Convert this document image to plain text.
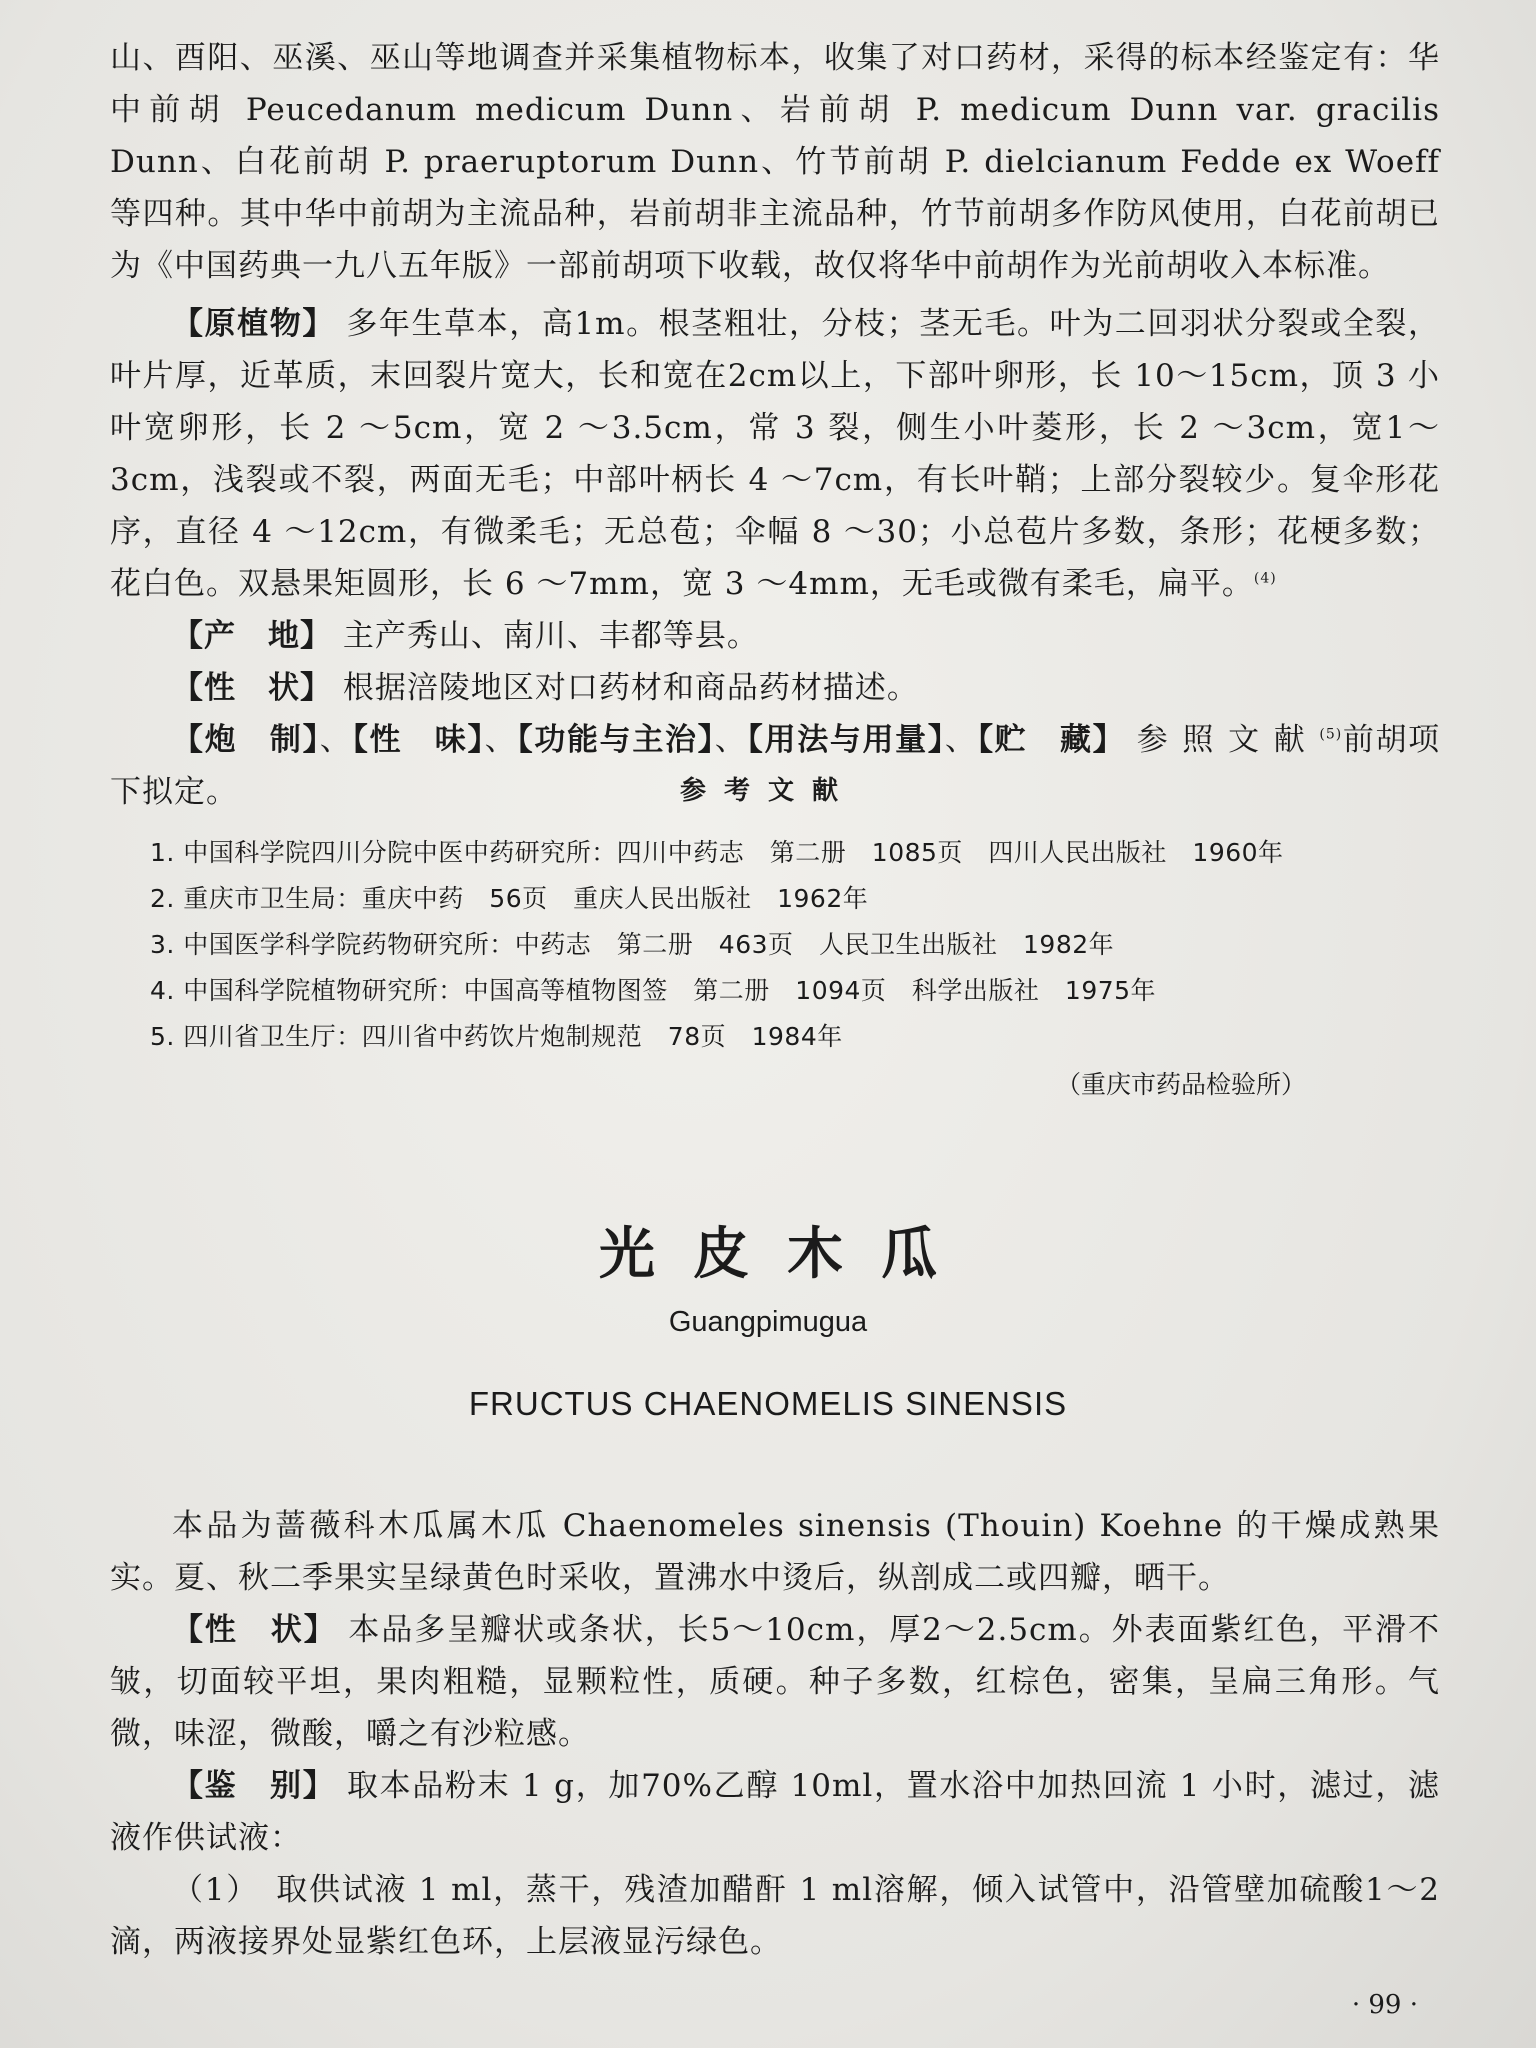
山、酉阳、巫溪、巫山等地调查并采集植物标本，收集了对口药材，采得的标本经鉴定有：华中前胡 Peucedanum medicum Dunn、岩前胡 P. medicum Dunn var. gracilis Dunn、白花前胡 P. praeruptorum Dunn、竹节前胡 P. dielcianum Fedde ex Woeff 等四种。其中华中前胡为主流品种，岩前胡非主流品种，竹节前胡多作防风使用，白花前胡已为《中国药典一九八五年版》一部前胡项下收载，故仅将华中前胡作为光前胡收入本标准。

【原植物】 多年生草本，高1m。根茎粗壮，分枝；茎无毛。叶为二回羽状分裂或全裂，叶片厚，近革质，末回裂片宽大，长和宽在2cm以上，下部叶卵形，长 10～15cm，顶 3 小叶宽卵形，长 2 ～5cm，宽 2 ～3.5cm，常 3 裂，侧生小叶菱形，长 2 ～3cm，宽1～3cm，浅裂或不裂，两面无毛；中部叶柄长 4 ～7cm，有长叶鞘；上部分裂较少。复伞形花序，直径 4 ～12cm，有微柔毛；无总苞；伞幅 8 ～30；小总苞片多数，条形；花梗多数；花白色。双悬果矩圆形，长 6 ～7mm，宽 3 ～4mm，无毛或微有柔毛，扁平。$^{(4)}$

【产　地】 主产秀山、南川、丰都等县。

【性　状】 根据涪陵地区对口药材和商品药材描述。

【炮　制】、【性　味】、【功能与主治】、【用法与用量】、【贮　藏】 参照文献$^{(5)}$前胡项下拟定。	参考文献
1. 中国科学院四川分院中医中药研究所：四川中药志　第二册　1085页　四川人民出版社　1960年
2. 重庆市卫生局：重庆中药　56页　重庆人民出版社　1962年
3. 中国医学科学院药物研究所：中药志　第二册　463页　人民卫生出版社　1982年
4. 中国科学院植物研究所：中国高等植物图签　第二册　1094页　科学出版社　1975年
5. 四川省卫生厅：四川省中药饮片炮制规范　78页　1984年
（重庆市药品检验所）
光皮木瓜
Guangpimugua
FRUCTUS CHAENOMELIS SINENSIS

本品为蔷薇科木瓜属木瓜 Chaenomeles sinensis (Thouin) Koehne 的干燥成熟果实。夏、秋二季果实呈绿黄色时采收，置沸水中烫后，纵剖成二或四瓣，晒干。

【性　状】 本品多呈瓣状或条状，长5～10cm，厚2～2.5cm。外表面紫红色，平滑不皱，切面较平坦，果肉粗糙，显颗粒性，质硬。种子多数，红棕色，密集，呈扁三角形。气微，味涩，微酸，嚼之有沙粒感。

【鉴　别】 取本品粉末 1 g，加70%乙醇 10ml，置水浴中加热回流 1 小时，滤过，滤液作供试液：

（1）　取供试液 1 ml，蒸干，残渣加醋酐 1 ml溶解，倾入试管中，沿管壁加硫酸1～2滴，两液接界处显紫红色环，上层液显污绿色。

· 99 ·
